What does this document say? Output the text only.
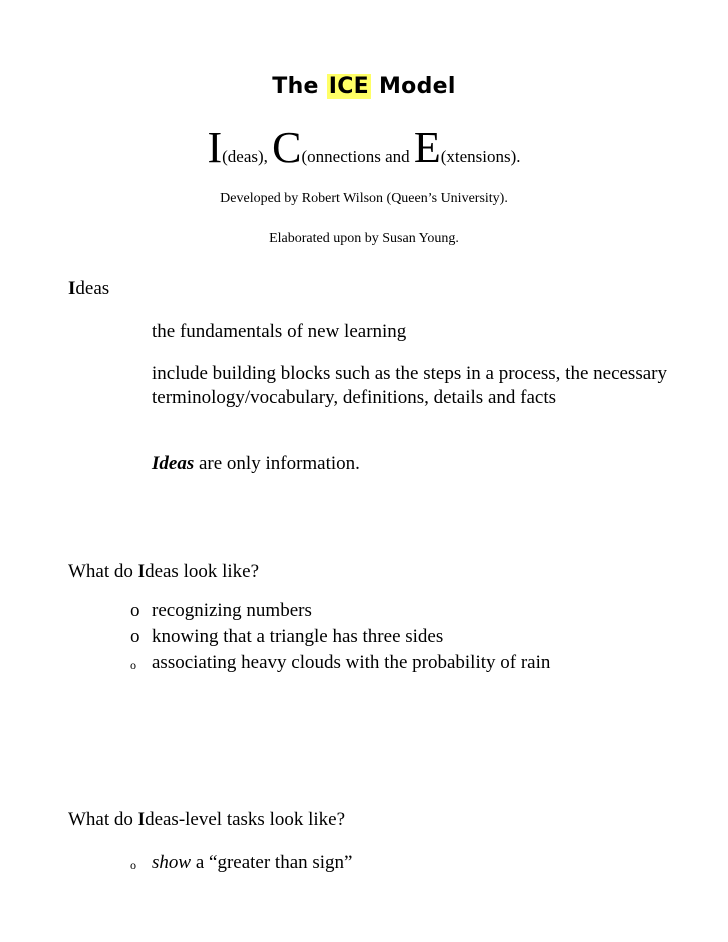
The ICE Model
I(deas), C(onnections and E(xtensions).
Developed by Robert Wilson (Queen’s University).
Elaborated upon by Susan Young.
Ideas
the fundamentals of new learning
include building blocks such as the steps in a process, the necessary terminology/vocabulary, definitions, details and facts
Ideas are only information.
What do Ideas look like?
o recognizing numbers
o knowing that a triangle has three sides
o associating heavy clouds with the probability of rain
What do Ideas-level tasks look like?
o show a “greater than sign”
